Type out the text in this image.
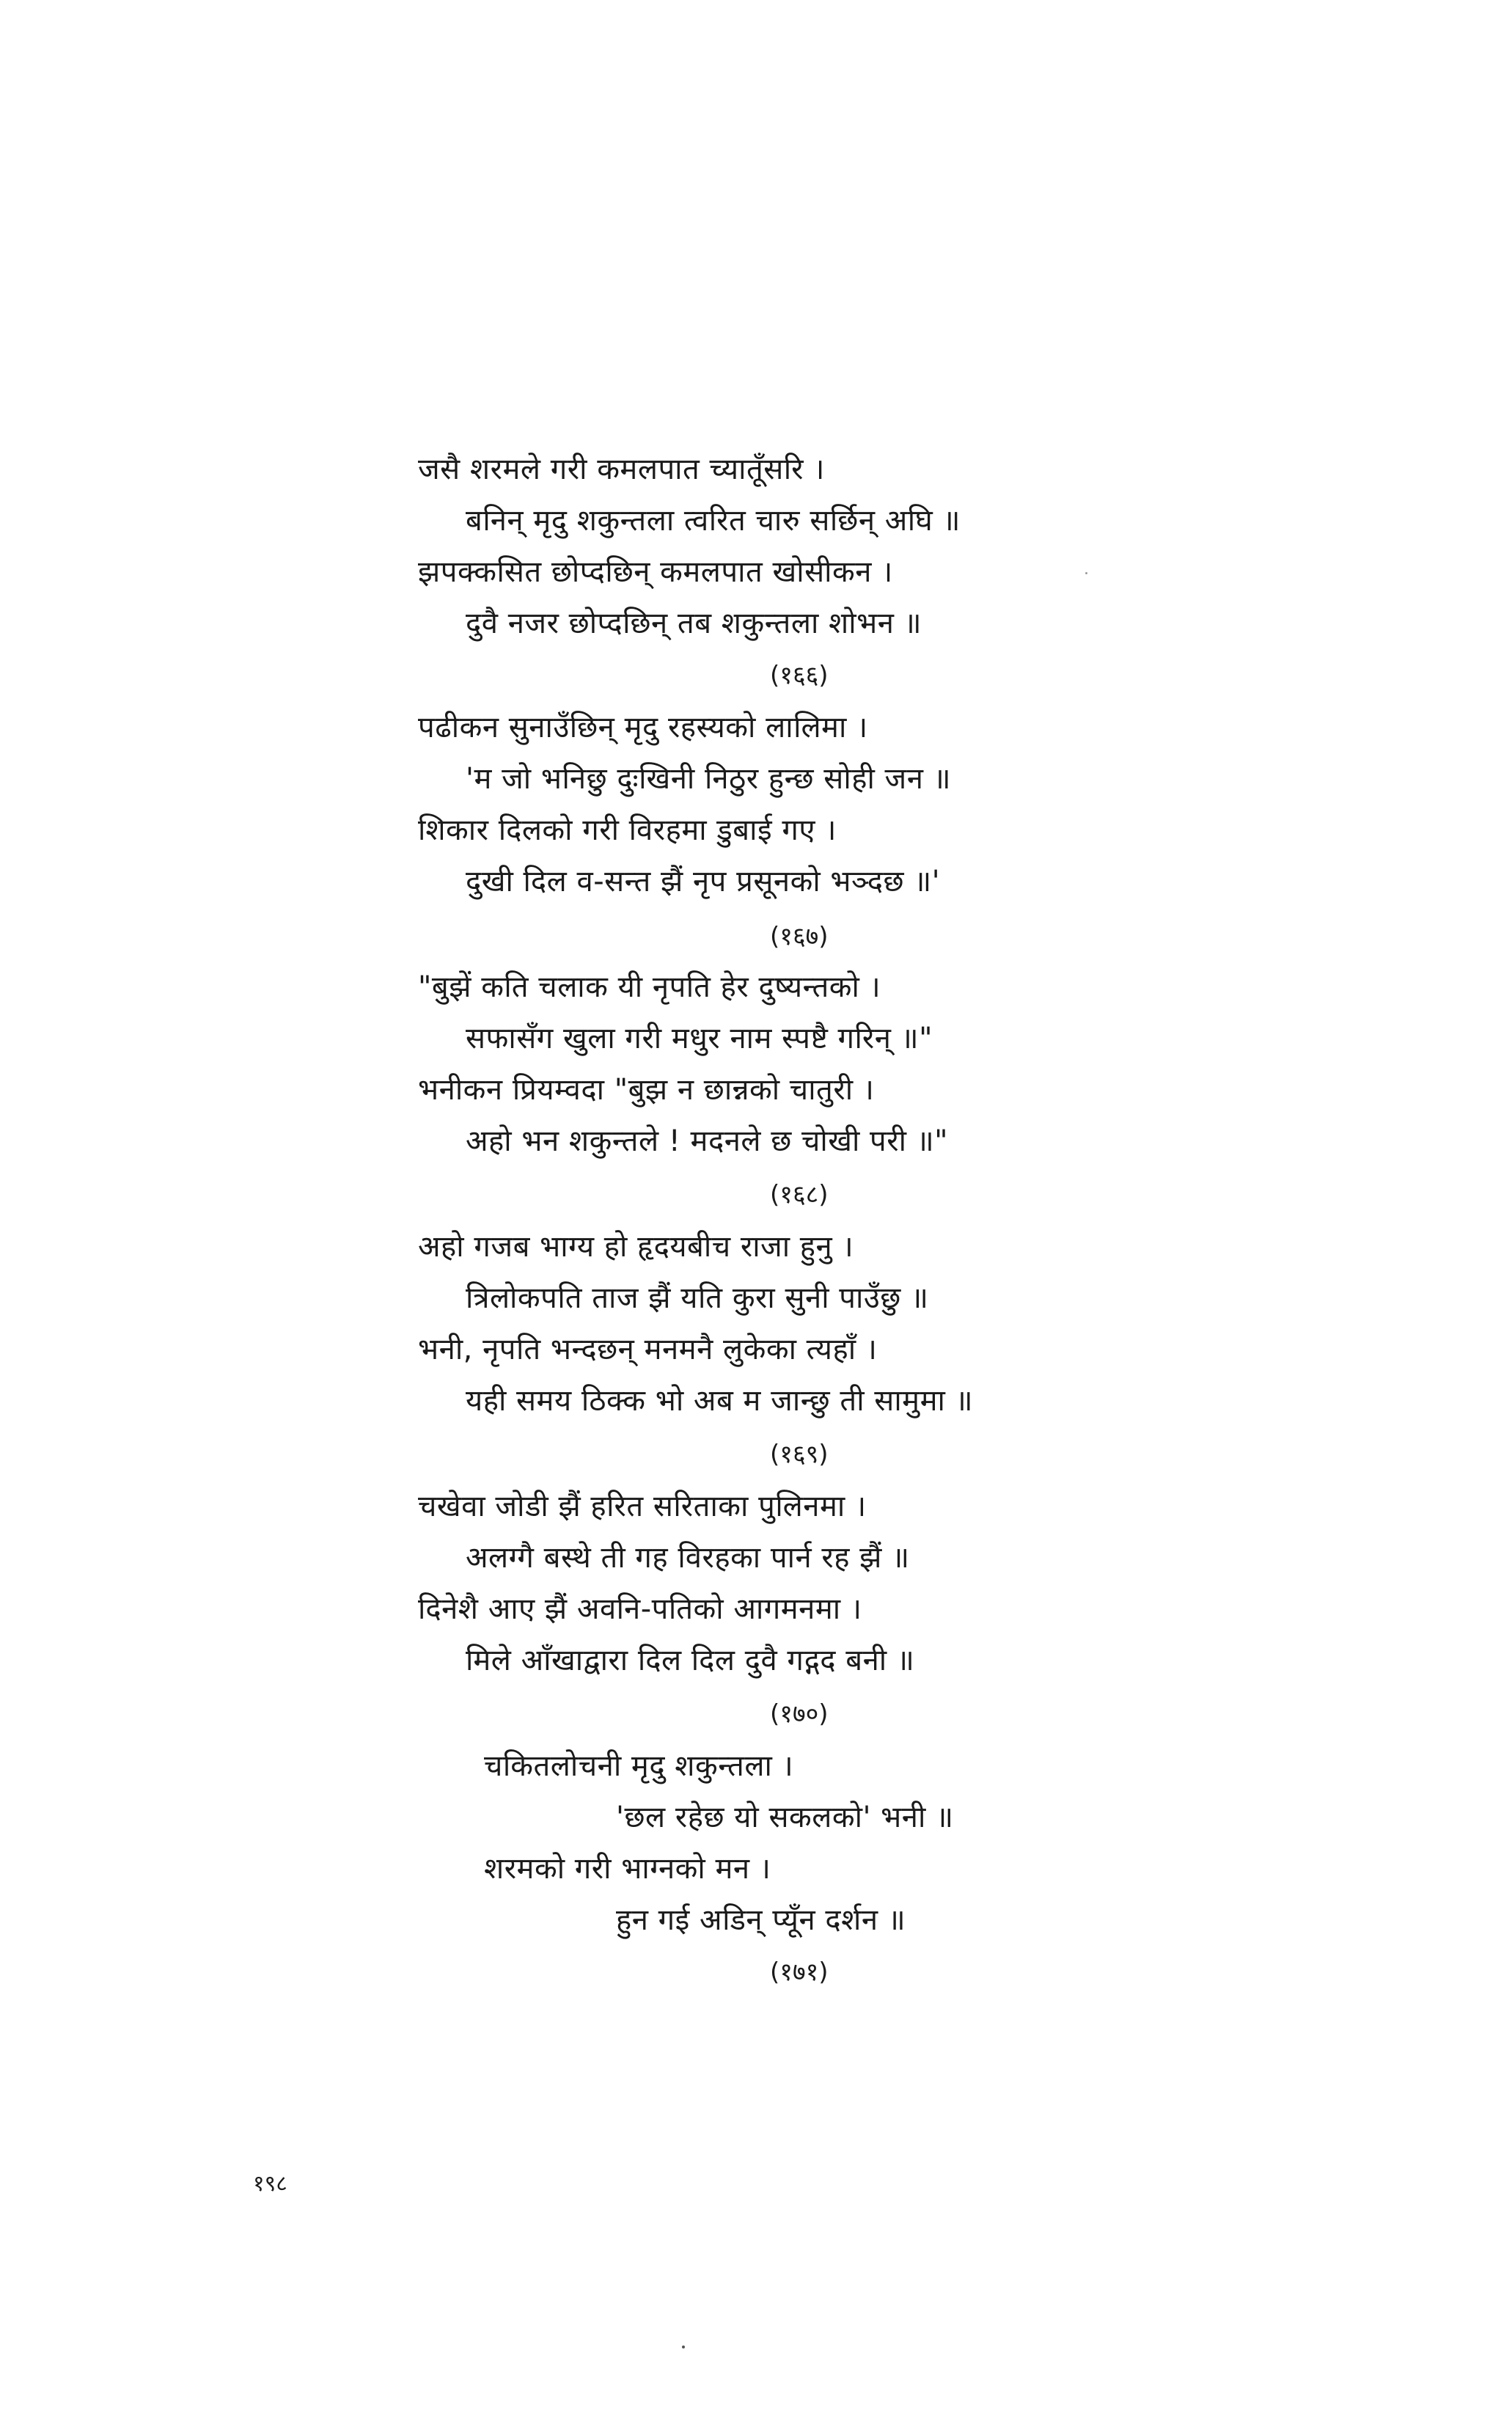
जसै शरमले गरी कमलपात च्यातूँसरि ।
बनिन् मृदु शकुन्तला त्वरित चारु सर्छिन् अघि ॥
झपक्कसित छोप्दछिन् कमलपात खोसीकन ।
दुवै नजर छोप्दछिन् तब शकुन्तला शोभन ॥
(१६६)
पढीकन सुनाउँछिन् मृदु रहस्यको लालिमा ।
'म जो भनिछु दुःखिनी निठुर हुन्छ सोही जन ॥
शिकार दिलको गरी विरहमा डुबाई गए ।
दुखी दिल व-सन्त झैं नृप प्रसूनको भञ्दछ ॥'
(१६७)
"बुझें कति चलाक यी नृपति हेर दुष्यन्तको ।
सफासँग खुला गरी मधुर नाम स्पष्टै गरिन् ॥"
भनीकन प्रियम्वदा "बुझ न छान्नको चातुरी ।
अहो भन शकुन्तले ! मदनले छ चोखी परी ॥"
(१६८)
अहो गजब भाग्य हो हृदयबीच राजा हुनु ।
त्रिलोकपति ताज झैं यति कुरा सुनी पाउँछु ॥
भनी, नृपति भन्दछन् मनमनै लुकेका त्यहाँ ।
यही समय ठिक्क भो अब म जान्छु ती सामुमा ॥
(१६९)
चखेवा जोडी झैं हरित सरिताका पुलिनमा ।
अलग्गै बस्थे ती गह विरहका पार्न रह झैं ॥
दिनेशै आए झैं अवनि-पतिको आगमनमा ।
मिले आँखाद्वारा दिल दिल दुवै गद्गद बनी ॥
(१७०)
चकितलोचनी मृदु शकुन्तला ।
'छल रहेछ यो सकलको' भनी ॥
शरमको गरी भाग्नको मन ।
हुन गई अडिन् प्यूँन दर्शन ॥
(१७१)
१९८
